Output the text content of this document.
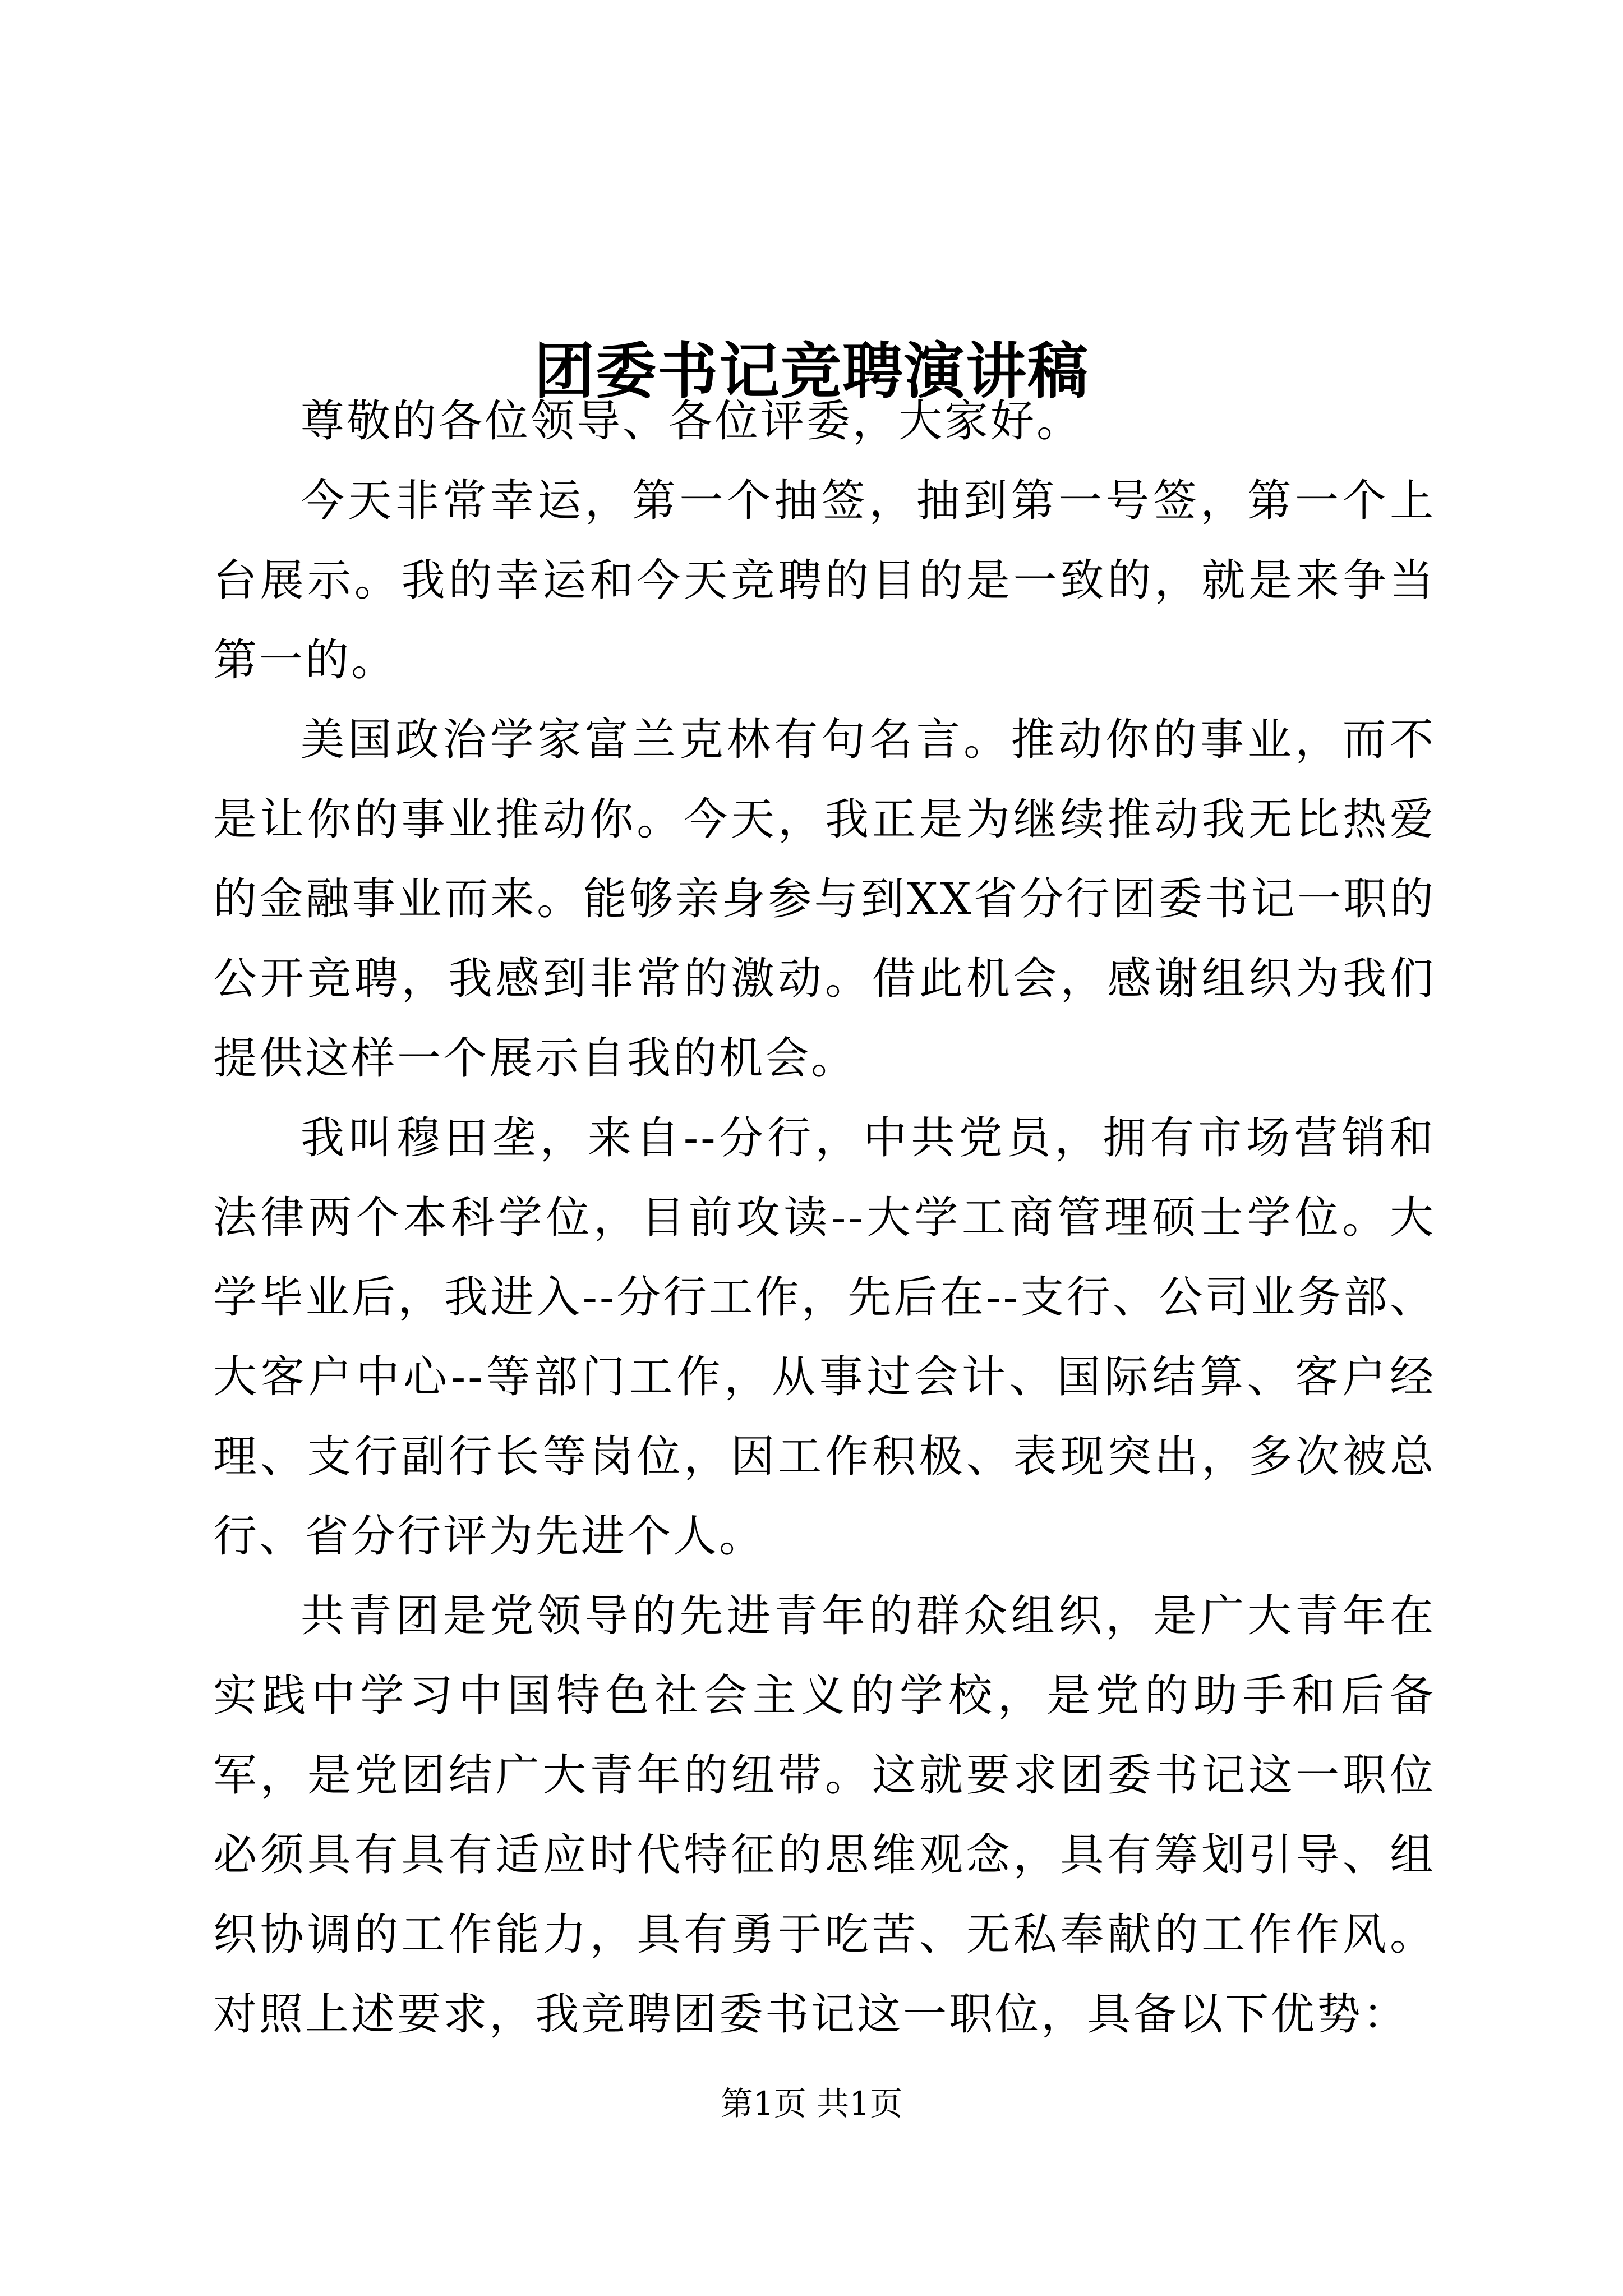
团委书记竞聘演讲稿

尊敬的各位领导、各位评委，大家好。

今天非常幸运，第一个抽签，抽到第一号签，第一个上台展示。我的幸运和今天竞聘的目的是一致的，就是来争当第一的。

美国政治学家富兰克林有句名言。推动你的事业，而不是让你的事业推动你。今天，我正是为继续推动我无比热爱的金融事业而来。能够亲身参与到XX省分行团委书记一职的公开竞聘，我感到非常的激动。借此机会，感谢组织为我们提供这样一个展示自我的机会。

我叫穆田垄，来自--分行，中共党员，拥有市场营销和法律两个本科学位，目前攻读--大学工商管理硕士学位。大学毕业后，我进入--分行工作，先后在--支行、公司业务部、大客户中心--等部门工作，从事过会计、国际结算、客户经理、支行副行长等岗位，因工作积极、表现突出，多次被总行、省分行评为先进个人。

共青团是党领导的先进青年的群众组织，是广大青年在实践中学习中国特色社会主义的学校，是党的助手和后备军，是党团结广大青年的纽带。这就要求团委书记这一职位必须具有具有适应时代特征的思维观念，具有筹划引导、组织协调的工作能力，具有勇于吃苦、无私奉献的工作作风。对照上述要求，我竞聘团委书记这一职位，具备以下优势：

第1页 共1页
